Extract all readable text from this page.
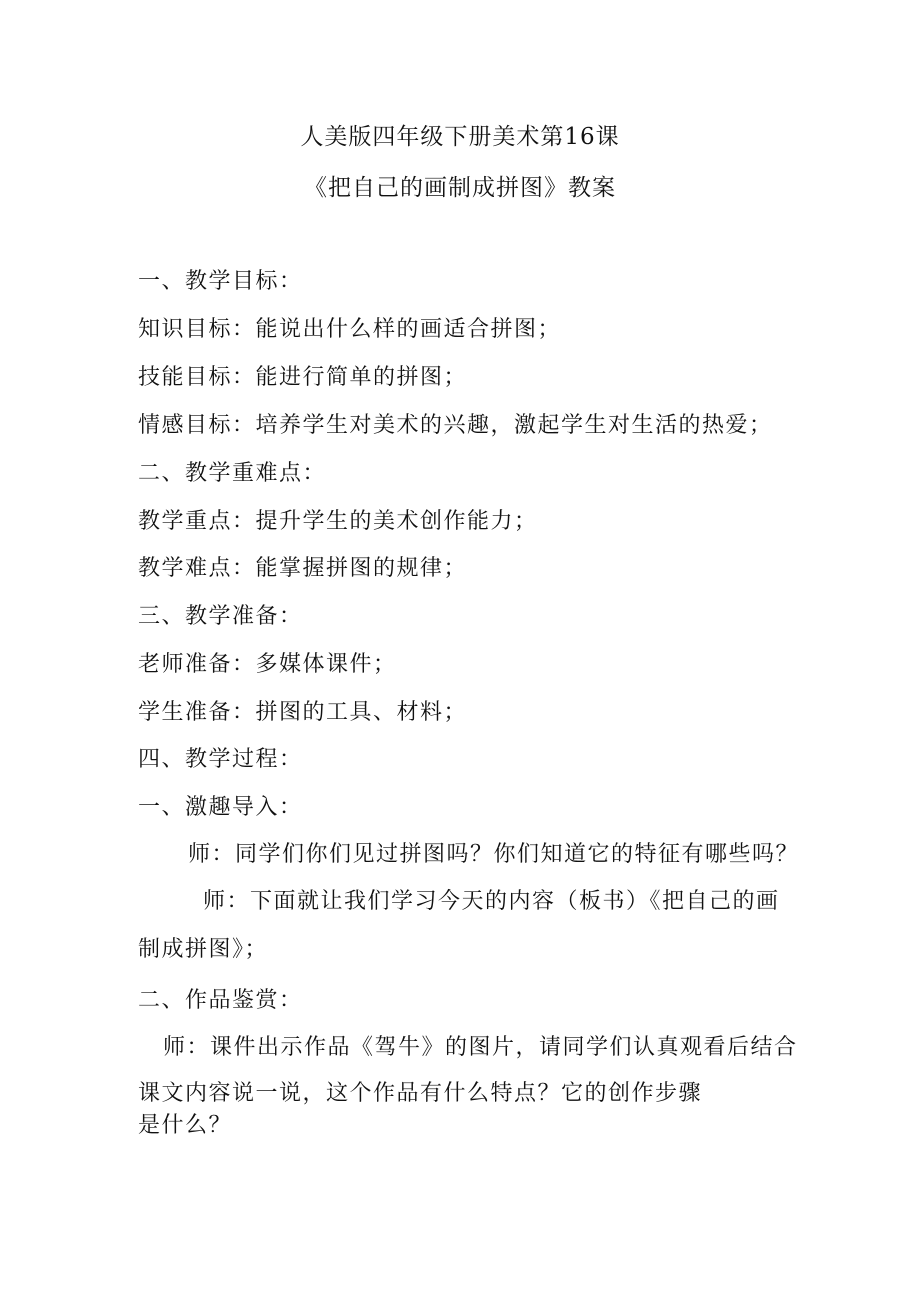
人美版四年级下册美术第16课
《把自己的画制成拼图》教案
一、教学目标：
知识目标：能说出什么样的画适合拼图；
技能目标：能进行简单的拼图；
情感目标：培养学生对美术的兴趣，激起学生对生活的热爱；
二、教学重难点：
教学重点：提升学生的美术创作能力；
教学难点：能掌握拼图的规律；
三、教学准备：
老师准备：多媒体课件；
学生准备：拼图的工具、材料；
四、教学过程：
一、激趣导入：
师：同学们你们见过拼图吗？你们知道它的特征有哪些吗？
师：下面就让我们学习今天的内容（板书）《把自己的画
制成拼图》；
二、作品鉴赏：
师：课件出示作品《驾牛》的图片，请同学们认真观看后结合
课文内容说一说，这个作品有什么特点？它的创作步骤
是什么？
